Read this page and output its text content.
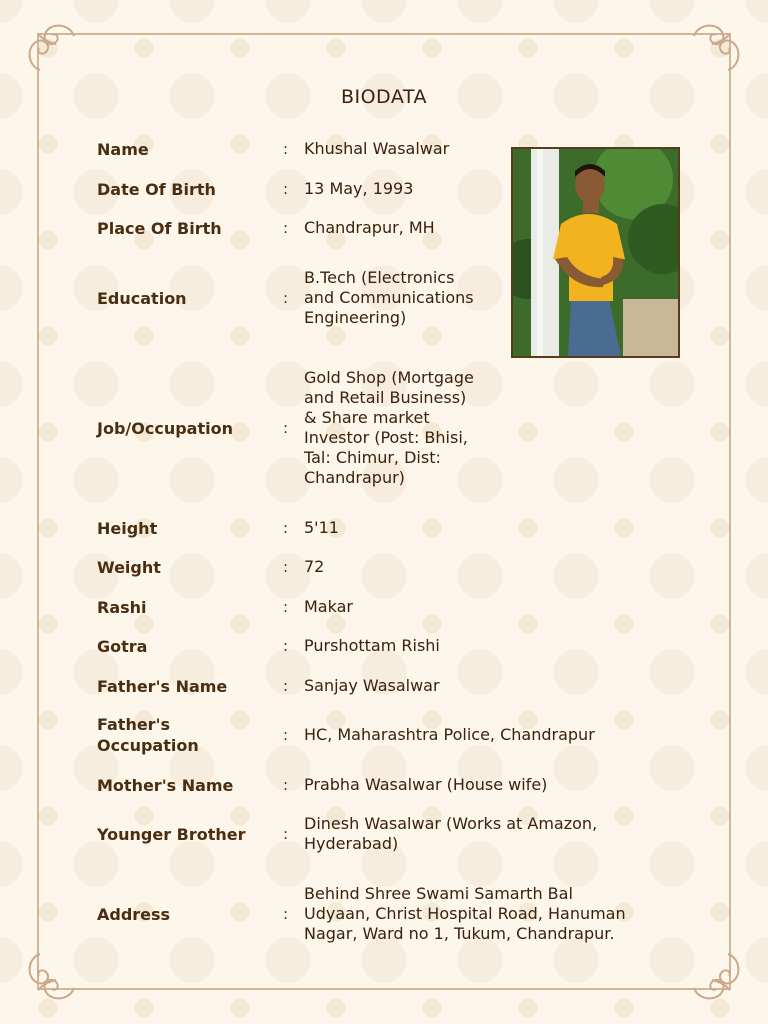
BIODATA
Name	: Khushal Wasalwar
Date Of Birth	: 13 May, 1993
Place Of Birth	: Chandrapur, MH
Education	:
B.Tech (Electronics and Communications Engineering)
Job/Occupation	:
Gold Shop (Mortgage and Retail Business) & Share market Investor (Post: Bhisi, Tal: Chimur, Dist: Chandrapur)
Height	: 5'11
Weight	: 72
Rashi	: Makar
Gotra	: Purshottam Rishi
Father's Name	: Sanjay Wasalwar
Father's Occupation
: HC, Maharashtra Police, Chandrapur
Mother's Name	: Prabha Wasalwar (House wife)
Younger Brother	:
Dinesh Wasalwar (Works at Amazon, Hyderabad)
Address	:
Behind Shree Swami Samarth Bal Udyaan, Christ Hospital Road, Hanuman Nagar, Ward no 1, Tukum, Chandrapur.
